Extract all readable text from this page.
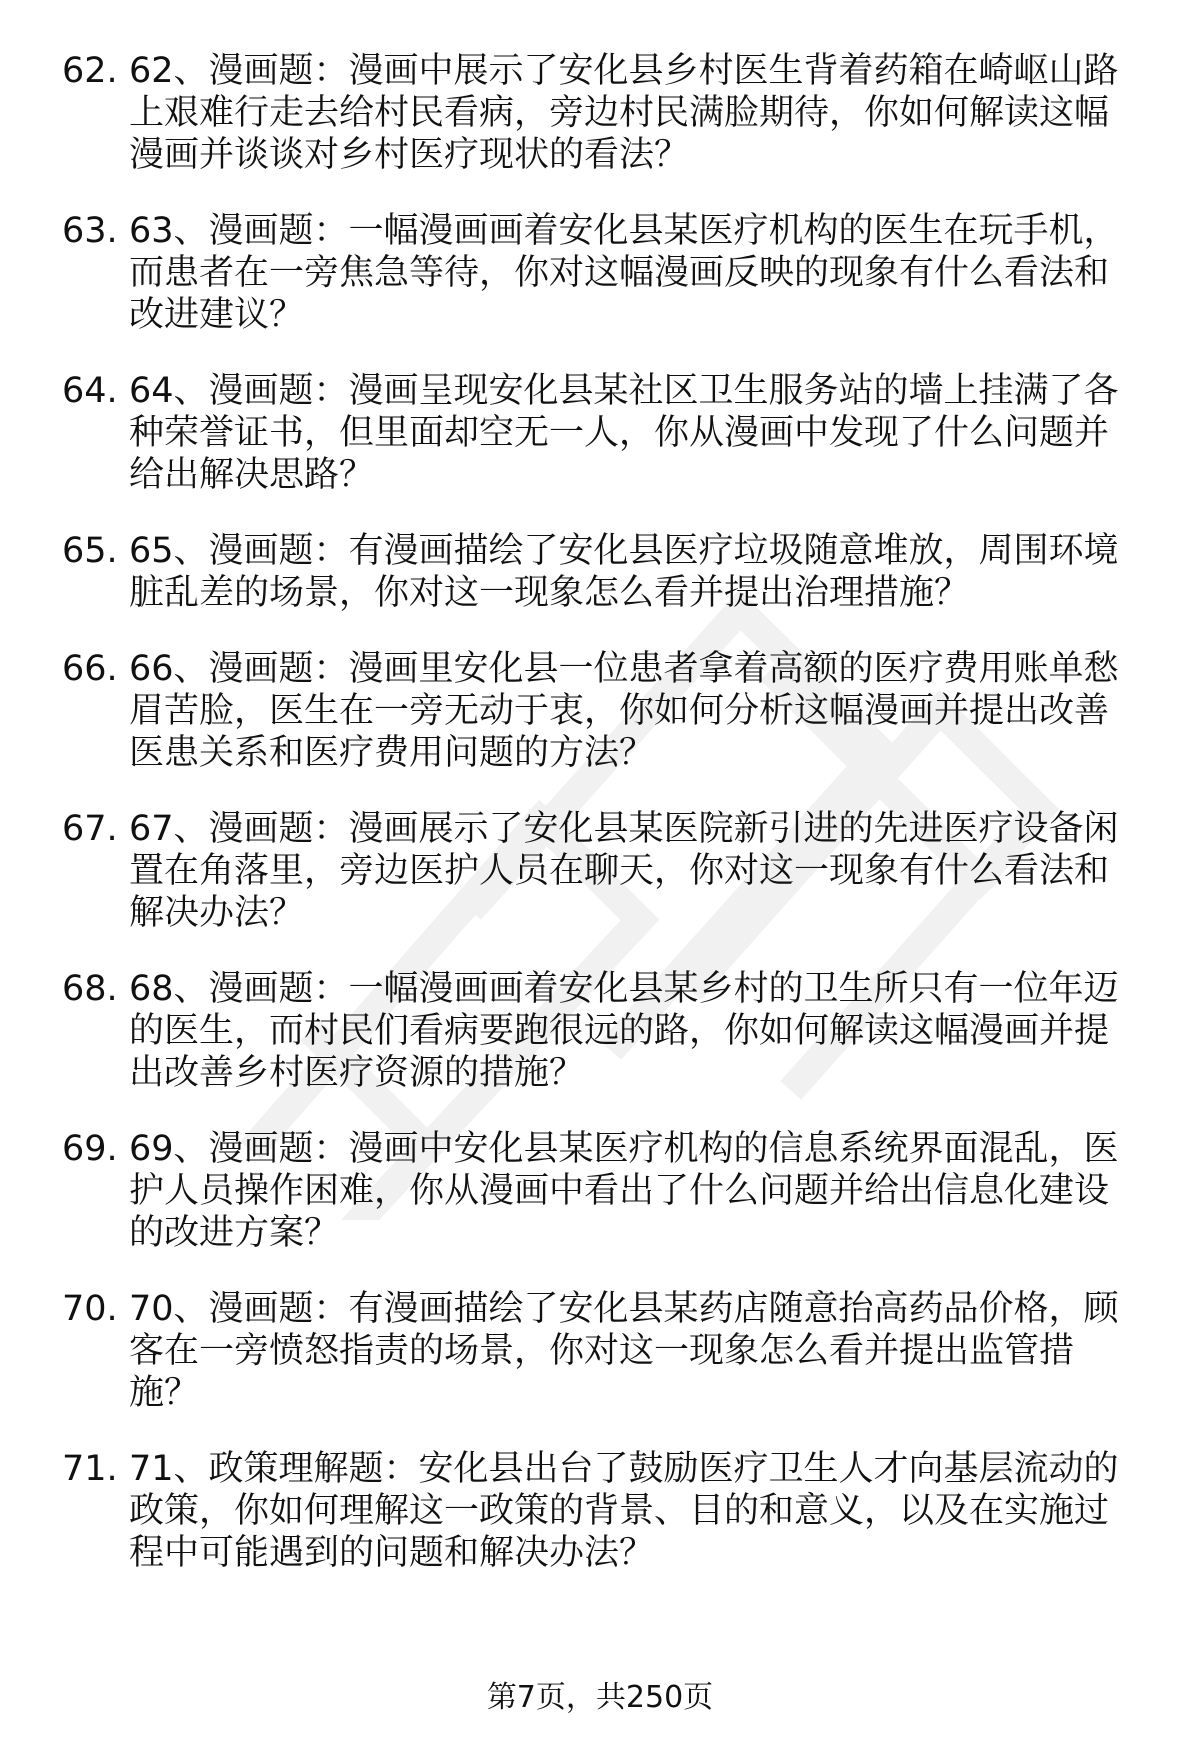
62. 62、漫画题：漫画中展示了安化县乡村医生背着药箱在崎岖山路上艰难行走去给村民看病，旁边村民满脸期待，你如何解读这幅漫画并谈谈对乡村医疗现状的看法？
63. 63、漫画题：一幅漫画画着安化县某医疗机构的医生在玩手机，而患者在一旁焦急等待，你对这幅漫画反映的现象有什么看法和改进建议？
64. 64、漫画题：漫画呈现安化县某社区卫生服务站的墙上挂满了各种荣誉证书，但里面却空无一人，你从漫画中发现了什么问题并给出解决思路？
65. 65、漫画题：有漫画描绘了安化县医疗垃圾随意堆放，周围环境脏乱差的场景，你对这一现象怎么看并提出治理措施？
66. 66、漫画题：漫画里安化县一位患者拿着高额的医疗费用账单愁眉苦脸，医生在一旁无动于衷，你如何分析这幅漫画并提出改善医患关系和医疗费用问题的方法？
67. 67、漫画题：漫画展示了安化县某医院新引进的先进医疗设备闲置在角落里，旁边医护人员在聊天，你对这一现象有什么看法和解决办法？
68. 68、漫画题：一幅漫画画着安化县某乡村的卫生所只有一位年迈的医生，而村民们看病要跑很远的路，你如何解读这幅漫画并提出改善乡村医疗资源的措施？
69. 69、漫画题：漫画中安化县某医疗机构的信息系统界面混乱，医护人员操作困难，你从漫画中看出了什么问题并给出信息化建设的改进方案？
70. 70、漫画题：有漫画描绘了安化县某药店随意抬高药品价格，顾客在一旁愤怒指责的场景，你对这一现象怎么看并提出监管措施？
71. 71、政策理解题：安化县出台了鼓励医疗卫生人才向基层流动的政策，你如何理解这一政策的背景、目的和意义，以及在实施过程中可能遇到的问题和解决办法？
第7页，共250页
